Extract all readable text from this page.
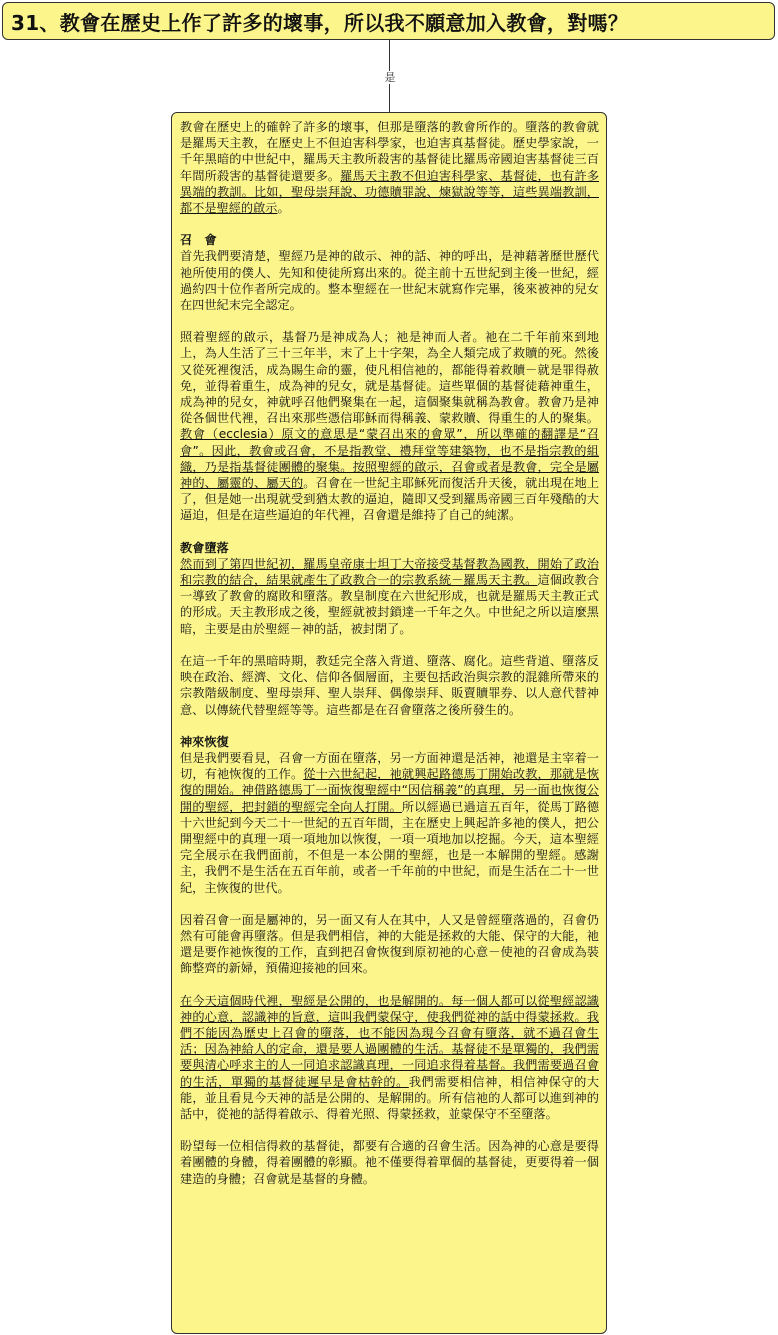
31、教會在歷史上作了許多的壞事，所以我不願意加入教會，對嗎？
是

教會在歷史上的確幹了許多的壞事，但那是墮落的教會所作的。墮落的教會就是羅馬天主教，在歷史上不但迫害科學家，也迫害真基督徒。歷史學家說，一千年黑暗的中世紀中，羅馬天主教所殺害的基督徒比羅馬帝國迫害基督徒三百年間所殺害的基督徒還要多。羅馬天主教不但迫害科學家、基督徒，也有許多異端的教訓。比如，聖母崇拜說、功德贖罪說、煉獄說等等，這些異端教訓，都不是聖經的啟示。

召　會

首先我們要清楚，聖經乃是神的啟示、神的話、神的呼出，是神藉著歷世歷代祂所使用的僕人、先知和使徒所寫出來的。從主前十五世紀到主後一世紀，經過約四十位作者所完成的。整本聖經在一世紀末就寫作完畢，後來被神的兒女在四世紀末完全認定。

照着聖經的啟示，基督乃是神成為人；祂是神而人者。祂在二千年前來到地上，為人生活了三十三年半，末了上十字架，為全人類完成了救贖的死。然後又從死裡復活，成為賜生命的靈，使凡相信祂的，都能得着救贖－就是罪得赦免，並得着重生，成為神的兒女，就是基督徒。這些單個的基督徒藉神重生，成為神的兒女，神就呼召他們聚集在一起，這個聚集就稱為教會。教會乃是神從各個世代裡，召出來那些憑信耶穌而得稱義、蒙救贖、得重生的人的聚集。教會（ecclesia）原文的意思是“蒙召出來的會眾”，所以準確的翻譯是“召會”。因此，教會或召會，不是指教堂、禮拜堂等建築物，也不是指宗教的組織，乃是指基督徒團體的聚集。按照聖經的啟示，召會或者是教會，完全是屬神的、屬靈的、屬天的。召會在一世紀主耶穌死而復活升天後，就出現在地上了，但是她一出現就受到猶太教的逼迫，隨即又受到羅馬帝國三百年殘酷的大逼迫，但是在這些逼迫的年代裡，召會還是維持了自己的純潔。

教會墮落

然而到了第四世紀初，羅馬皇帝康士坦丁大帝接受基督教為國教，開始了政治和宗教的結合，結果就產生了政教合一的宗教系統－羅馬天主教。這個政教合一導致了教會的腐敗和墮落。教皇制度在六世紀形成，也就是羅馬天主教正式的形成。天主教形成之後，聖經就被封鎖達一千年之久。中世紀之所以這麼黑暗，主要是由於聖經－神的話，被封閉了。

在這一千年的黑暗時期，教廷完全落入背道、墮落、腐化。這些背道、墮落反映在政治、經濟、文化、信仰各個層面，主要包括政治與宗教的混雜所帶來的宗教階級制度、聖母崇拜、聖人崇拜、偶像崇拜、販賣贖罪券、以人意代替神意、以傳統代替聖經等等。這些都是在召會墮落之後所發生的。

神來恢復

但是我們要看見，召會一方面在墮落，另一方面神還是活神，祂還是主宰着一切，有祂恢復的工作。從十六世紀起，祂就興起路德馬丁開始改教，那就是恢復的開始。神借路德馬丁一面恢復聖經中“因信稱義”的真理，另一面也恢復公開的聖經，把封鎖的聖經完全向人打開。所以經過已過這五百年，從馬丁路德十六世紀到今天二十一世紀的五百年間，主在歷史上興起許多祂的僕人，把公開聖經中的真理一項一項地加以恢復，一項一項地加以挖掘。今天，這本聖經完全展示在我們面前，不但是一本公開的聖經，也是一本解開的聖經。感謝主，我們不是生活在五百年前，或者一千年前的中世紀，而是生活在二十一世紀，主恢復的世代。

因着召會一面是屬神的，另一面又有人在其中，人又是曾經墮落過的，召會仍然有可能會再墮落。但是我們相信，神的大能是拯救的大能、保守的大能，祂還是要作祂恢復的工作，直到把召會恢復到原初祂的心意－使祂的召會成為裝飾整齊的新婦，預備迎接祂的回來。

在今天這個時代裡，聖經是公開的，也是解開的。每一個人都可以從聖經認識神的心意，認識神的旨意，這叫我們蒙保守，使我們從神的話中得蒙拯救。我們不能因為歷史上召會的墮落，也不能因為現今召會有墮落，就不過召會生活；因為神給人的定命，還是要人過團體的生活。基督徒不是單獨的，我們需要與清心呼求主的人一同追求認識真理，一同追求得着基督。我們需要過召會的生活，單獨的基督徒遲早是會枯幹的。我們需要相信神，相信神保守的大能，並且看見今天神的話是公開的、是解開的。所有信祂的人都可以進到神的話中，從祂的話得着啟示、得着光照、得蒙拯救，並蒙保守不至墮落。

盼望每一位相信得救的基督徒，都要有合適的召會生活。因為神的心意是要得着團體的身體，得着團體的彰顯。祂不僅要得着單個的基督徒，更要得着一個建造的身體；召會就是基督的身體。
